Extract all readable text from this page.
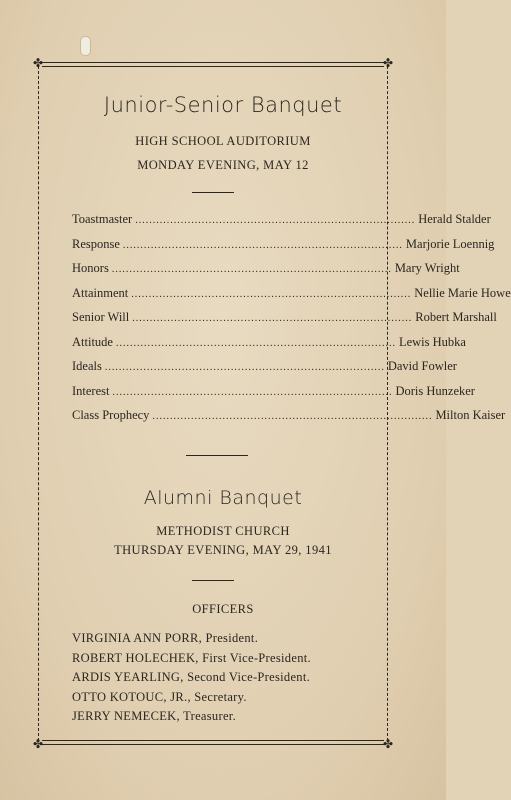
✤	✤
✤	✤
Junior-Senior Banquet
HIGH SCHOOL AUDITORIUM
MONDAY EVENING, MAY 12
Toastmaster ................................................................................ Herald Stalder
Response ................................................................................ Marjorie Loennig
Honors ................................................................................ Mary Wright
Attainment ................................................................................ Nellie Marie Howe
Senior Will ................................................................................ Robert Marshall
Attitude ................................................................................ Lewis Hubka
Ideals ................................................................................ David Fowler
Interest ................................................................................ Doris Hunzeker
Class Prophecy ................................................................................ Milton Kaiser
Alumni Banquet
METHODIST CHURCH
THURSDAY EVENING, MAY 29, 1941
OFFICERS
VIRGINIA ANN PORR, President.
ROBERT HOLECHEK, First Vice-President.
ARDIS YEARLING, Second Vice-President.
OTTO KOTOUC, JR., Secretary.
JERRY NEMECEK, Treasurer.
